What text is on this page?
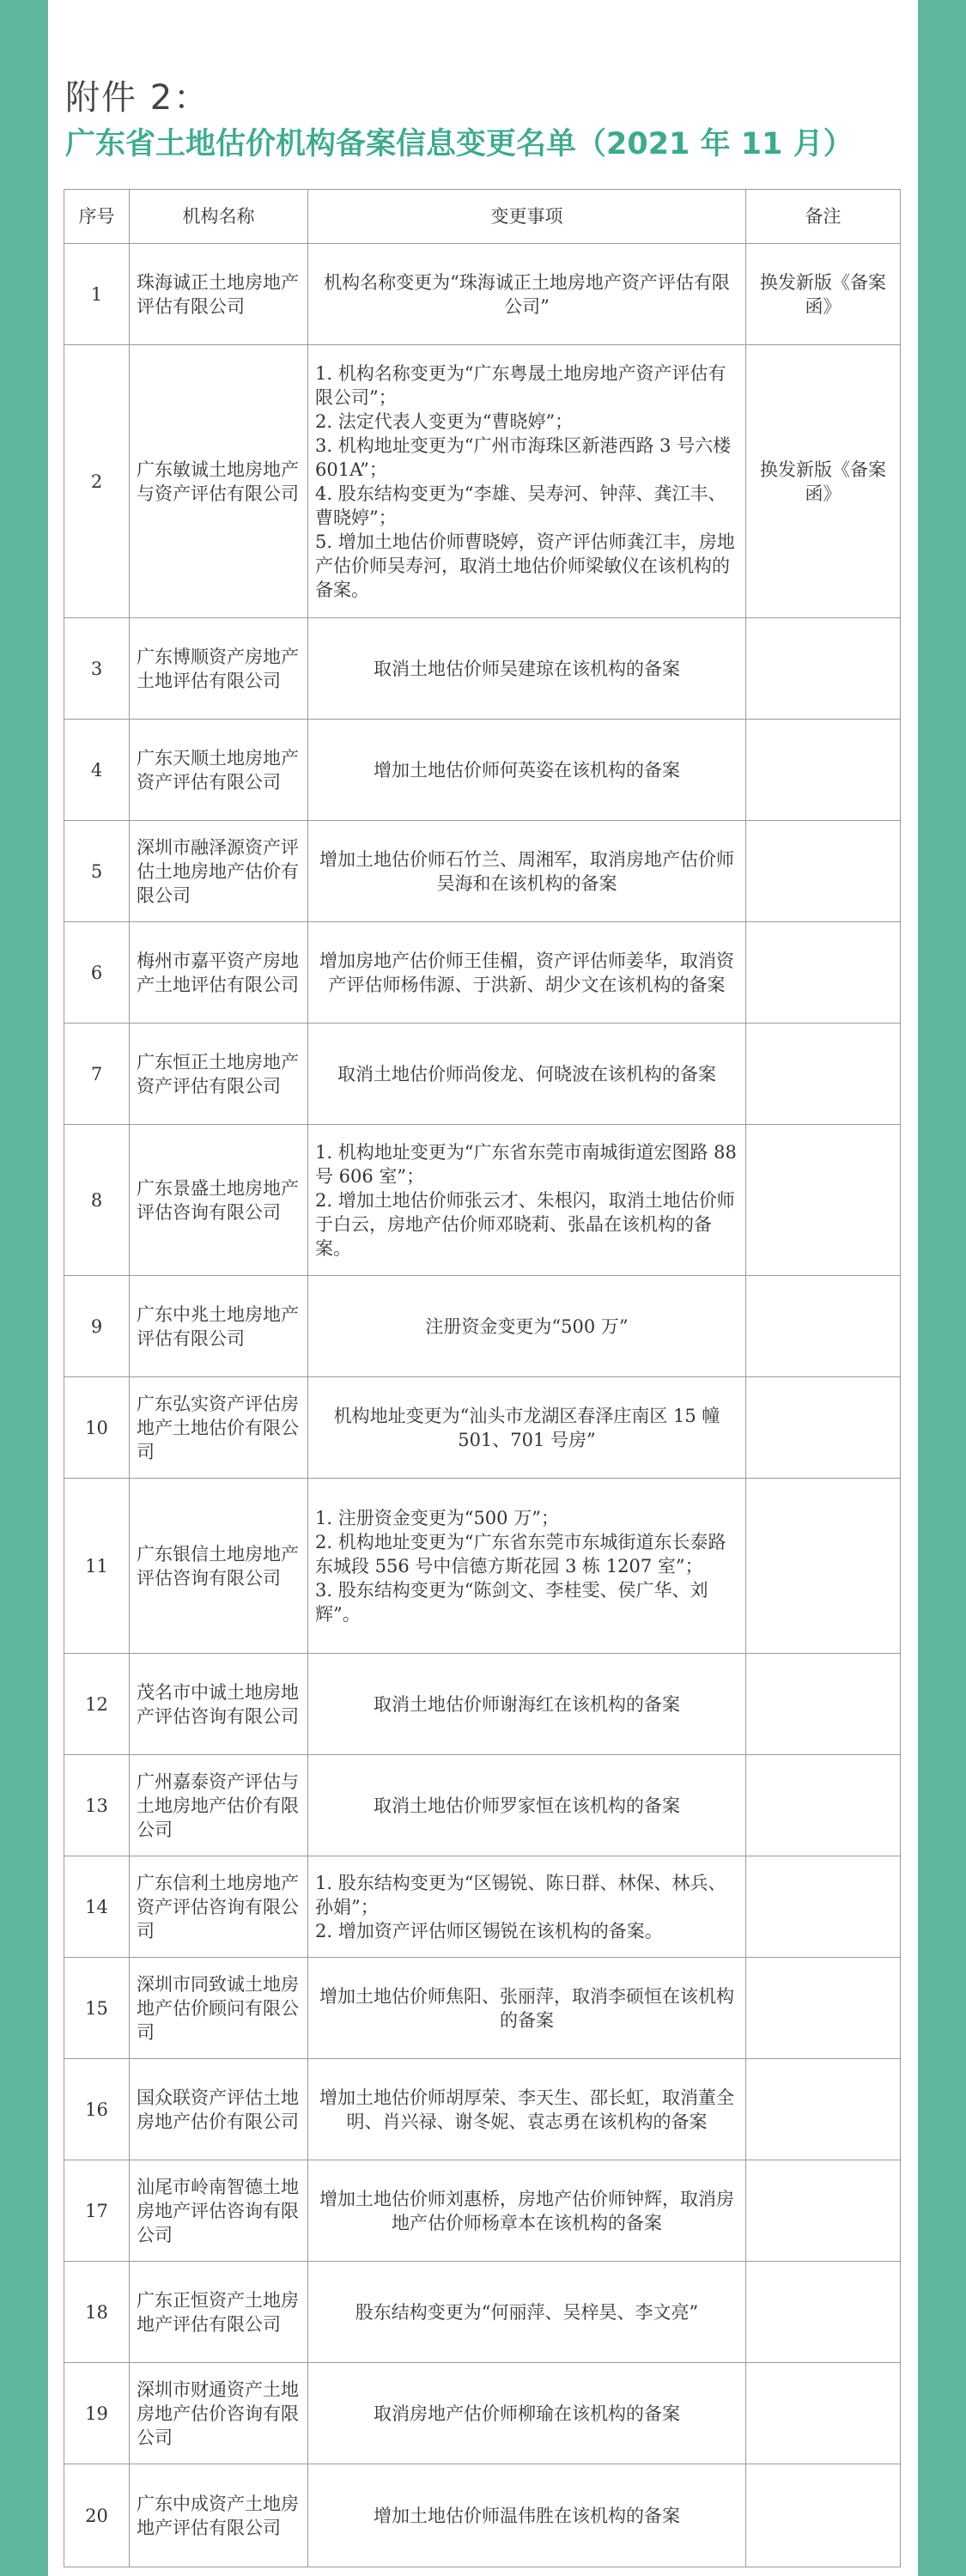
附件 2：
广东省土地估价机构备案信息变更名单（2021 年 11 月）
序号	机构名称	变更事项	备注
1	珠海诚正土地房地产评估有限公司	机构名称变更为“珠海诚正土地房地产资产评估有限公司”	换发新版《备案函》
2	广东敏诚土地房地产与资产评估有限公司	1. 机构名称变更为“广东粤晟土地房地产资产评估有限公司”；
2. 法定代表人变更为“曹晓婷”；
3. 机构地址变更为“广州市海珠区新港西路 3 号六楼 601A”；
4. 股东结构变更为“李雄、吴寿河、钟萍、龚江丰、曹晓婷”；
5. 增加土地估价师曹晓婷，资产评估师龚江丰，房地产估价师吴寿河，取消土地估价师梁敏仪在该机构的备案。	换发新版《备案函》
3	广东博顺资产房地产土地评估有限公司	取消土地估价师吴建琼在该机构的备案	

4	广东天顺土地房地产资产评估有限公司	增加土地估价师何英姿在该机构的备案	

5	深圳市融泽源资产评估土地房地产估价有限公司	增加土地估价师石竹兰、周湘军，取消房地产估价师吴海和在该机构的备案	

6	梅州市嘉平资产房地产土地评估有限公司	增加房地产估价师王佳楣，资产评估师姜华，取消资产评估师杨伟源、于洪新、胡少文在该机构的备案	

7	广东恒正土地房地产资产评估有限公司	取消土地估价师尚俊龙、何晓波在该机构的备案	

8	广东景盛土地房地产评估咨询有限公司	1. 机构地址变更为“广东省东莞市南城街道宏图路 88 号 606 室”；
2. 增加土地估价师张云才、朱根闪，取消土地估价师于白云，房地产估价师邓晓莉、张晶在该机构的备案。	

9	广东中兆土地房地产评估有限公司	注册资金变更为“500 万”	

10	广东弘实资产评估房地产土地估价有限公司	机构地址变更为“汕头市龙湖区春泽庄南区 15 幢 501、701 号房”	

11	广东银信土地房地产评估咨询有限公司	1. 注册资金变更为“500 万”；
2. 机构地址变更为“广东省东莞市东城街道东长泰路东城段 556 号中信德方斯花园 3 栋 1207 室”；
3. 股东结构变更为“陈剑文、李桂雯、侯广华、刘辉”。	

12	茂名市中诚土地房地产评估咨询有限公司	取消土地估价师谢海红在该机构的备案	

13	广州嘉泰资产评估与土地房地产估价有限公司	取消土地估价师罗家恒在该机构的备案	

14	广东信利土地房地产资产评估咨询有限公司	1. 股东结构变更为“区锡锐、陈日群、林保、林兵、孙娟”；
2. 增加资产评估师区锡锐在该机构的备案。	

15	深圳市同致诚土地房地产估价顾问有限公司	增加土地估价师焦阳、张丽萍，取消李硕恒在该机构的备案	

16	国众联资产评估土地房地产估价有限公司	增加土地估价师胡厚荣、李天生、邵长虹，取消董全明、肖兴禄、谢冬妮、袁志勇在该机构的备案	

17	汕尾市岭南智德土地房地产评估咨询有限公司	增加土地估价师刘惠桥，房地产估价师钟辉，取消房地产估价师杨章本在该机构的备案	

18	广东正恒资产土地房地产评估有限公司	股东结构变更为“何丽萍、吴梓昊、李文亮”	

19	深圳市财通资产土地房地产估价咨询有限公司	取消房地产估价师柳瑜在该机构的备案	

20	广东中成资产土地房地产评估有限公司	增加土地估价师温伟胜在该机构的备案	
